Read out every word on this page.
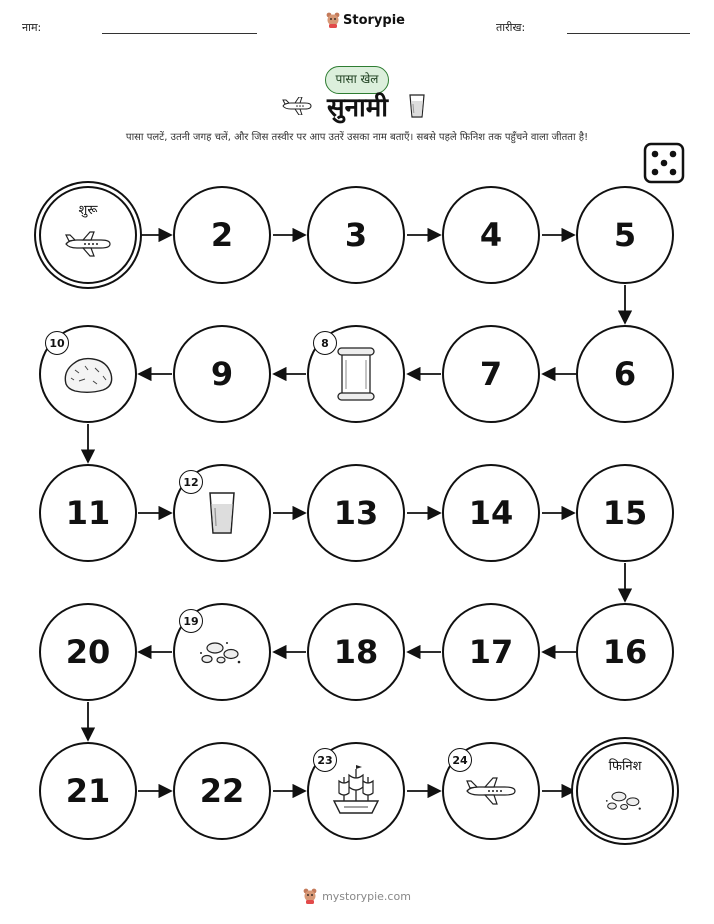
नाम:	Storypie	तारीख:
पासा खेल
सुनामी
पासा पलटें, उतनी जगह चलें, और जिस तस्वीर पर आप उतरें उसका नाम बताएँ। सबसे पहले फिनिश तक पहुँचने वाला जीतता है!
शुरू
2	3	4	5
6
7
8
9
10
11
12
13	14	15
16
17
18
19
20
21	22
23	24	फिनिश
mystorypie.com
